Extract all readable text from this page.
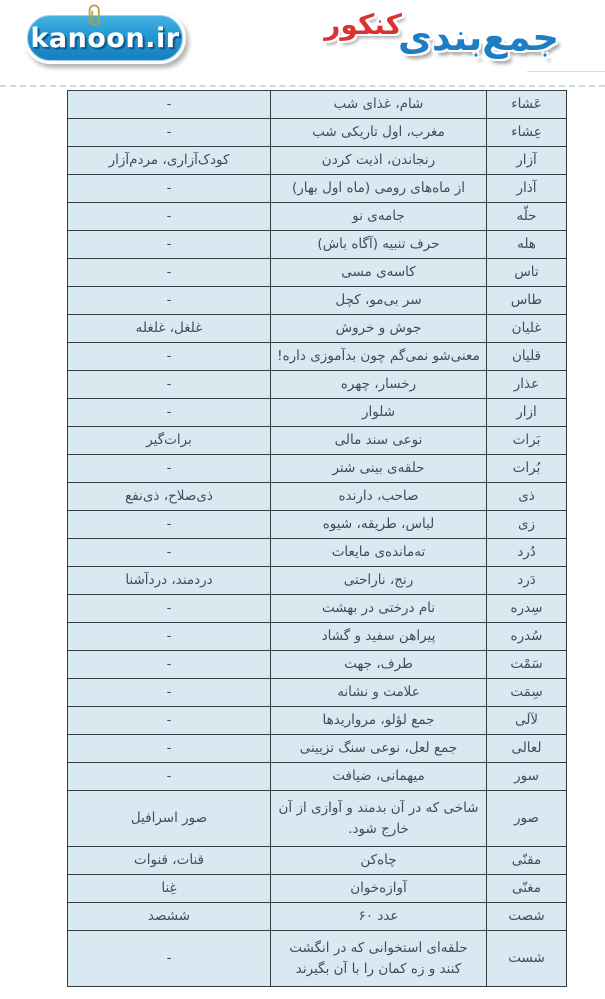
kanoon.ir	جمع‌بندیکنکور
عَشاء	شام، غذای شب	-
عِشاء	مغرب، اول تاریکی شب	-
آزار	رنجاندن، اذیت کردن	کودک‌آزاری، مردم‌آزار
آذار	از ماه‌های رومی (ماه اول بهار)	-
حلّه	جامه‌ی نو	-
هله	حرف تنبیه (آگاه باش)	-
تاس	کاسه‌ی مسی	-
طاس	سر بی‌مو، کچل	-
غلیان	جوش و خروش	غلغل، غلغله
قلیان	معنی‌شو نمی‌گم چون بدآموزی داره!	-
عذار	رخسار، چهره	-
ازار	شلوار	-
بَرات	نوعی سند مالی	برات‌گیر
بُرات	حلقه‌ی بینی شتر	-
ذی	صاحب، دارنده	ذی‌صلاح، ذی‌نفع
زی	لباس، طریقه، شیوه	-
دُرد	ته‌مانده‌ی مایعات	-
دَرد	رنج، ناراحتی	دردمند، دردآشنا
سِدره	نام درختی در بهشت	-
سُدره	پیراهن سفید و گشاد	-
سَمْت	طرف، جهت	-
سِمَت	علامت و نشانه	-
لآلی	جمع لؤلو، مرواریدها	-
لعالی	جمع لعل، نوعی سنگ تزیینی	-
سور	میهمانی، ضیافت	-
صور	شاخی که در آن بدمند و آوازی از آن خارج شود.	صور اسرافیل
مقنّی	چاه‌کن	قنات، قنوات
مغنّی	آوازه‌خوان	غِنا
شصت	عدد ۶۰	ششصد
شست	حلقه‌ای استخوانی که در انگشت کنند و زه کمان را با آن بگیرند	-
